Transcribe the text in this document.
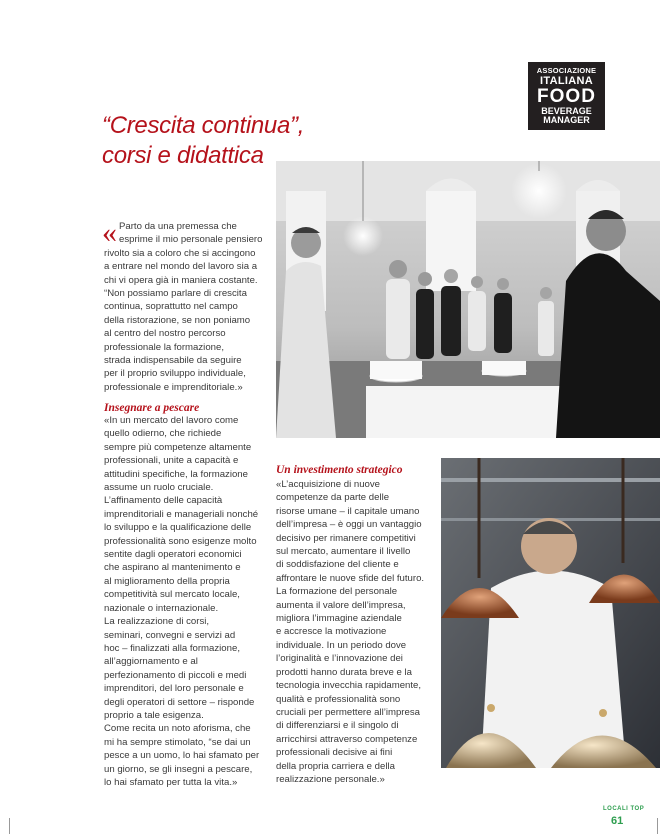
ASSOCIAZIONE
ITALIANA
FOOD
BEVERAGE
MANAGER
“Crescita continua”,
corsi e didattica
« Parto da una premessa che

esprime il mio personale pensiero

rivolto sia a coloro che si accingono

a entrare nel mondo del lavoro sia a

chi vi opera già in maniera costante.

“Non possiamo parlare di crescita

continua, soprattutto nel campo

della ristorazione, se non poniamo

al centro del nostro percorso

professionale la formazione,

strada indispensabile da seguire

per il proprio sviluppo individuale,

professionale e imprenditoriale.»

Insegnare a pescare

«In un mercato del lavoro come

quello odierno, che richiede

sempre più competenze altamente

professionali, unite a capacità e

attitudini specifiche, la formazione

assume un ruolo cruciale.

L’affinamento delle capacità

imprenditoriali e manageriali nonché

lo sviluppo e la qualificazione delle

professionalità sono esigenze molto

sentite dagli operatori economici

che aspirano al mantenimento e

al miglioramento della propria

competitività sul mercato locale,

nazionale o internazionale.

La realizzazione di corsi,

seminari, convegni e servizi ad

hoc – finalizzati alla formazione,

all’aggiornamento e al

perfezionamento di piccoli e medi

imprenditori, del loro personale e

degli operatori di settore – risponde

proprio a tale esigenza.

Come recita un noto aforisma, che

mi ha sempre stimolato, “se dai un

pesce a un uomo, lo hai sfamato per

un giorno, se gli insegni a pescare,

lo hai sfamato per tutta la vita.»

Un investimento strategico

«L’acquisizione di nuove

competenze da parte delle

risorse umane – il capitale umano

dell’impresa – è oggi un vantaggio

decisivo per rimanere competitivi

sul mercato, aumentare il livello

di soddisfazione del cliente e

affrontare le nuove sfide del futuro.

La formazione del personale

aumenta il valore dell’impresa,

migliora l’immagine aziendale

e accresce la motivazione

individuale. In un periodo dove

l’originalità e l’innovazione dei

prodotti hanno durata breve e la

tecnologia invecchia rapidamente,

qualità e professionalità sono

cruciali per permettere all’impresa

di differenziarsi e il singolo di

arricchirsi attraverso competenze

professionali decisive ai fini

della propria carriera e della

realizzazione personale.»

LOCALI TOP
61
